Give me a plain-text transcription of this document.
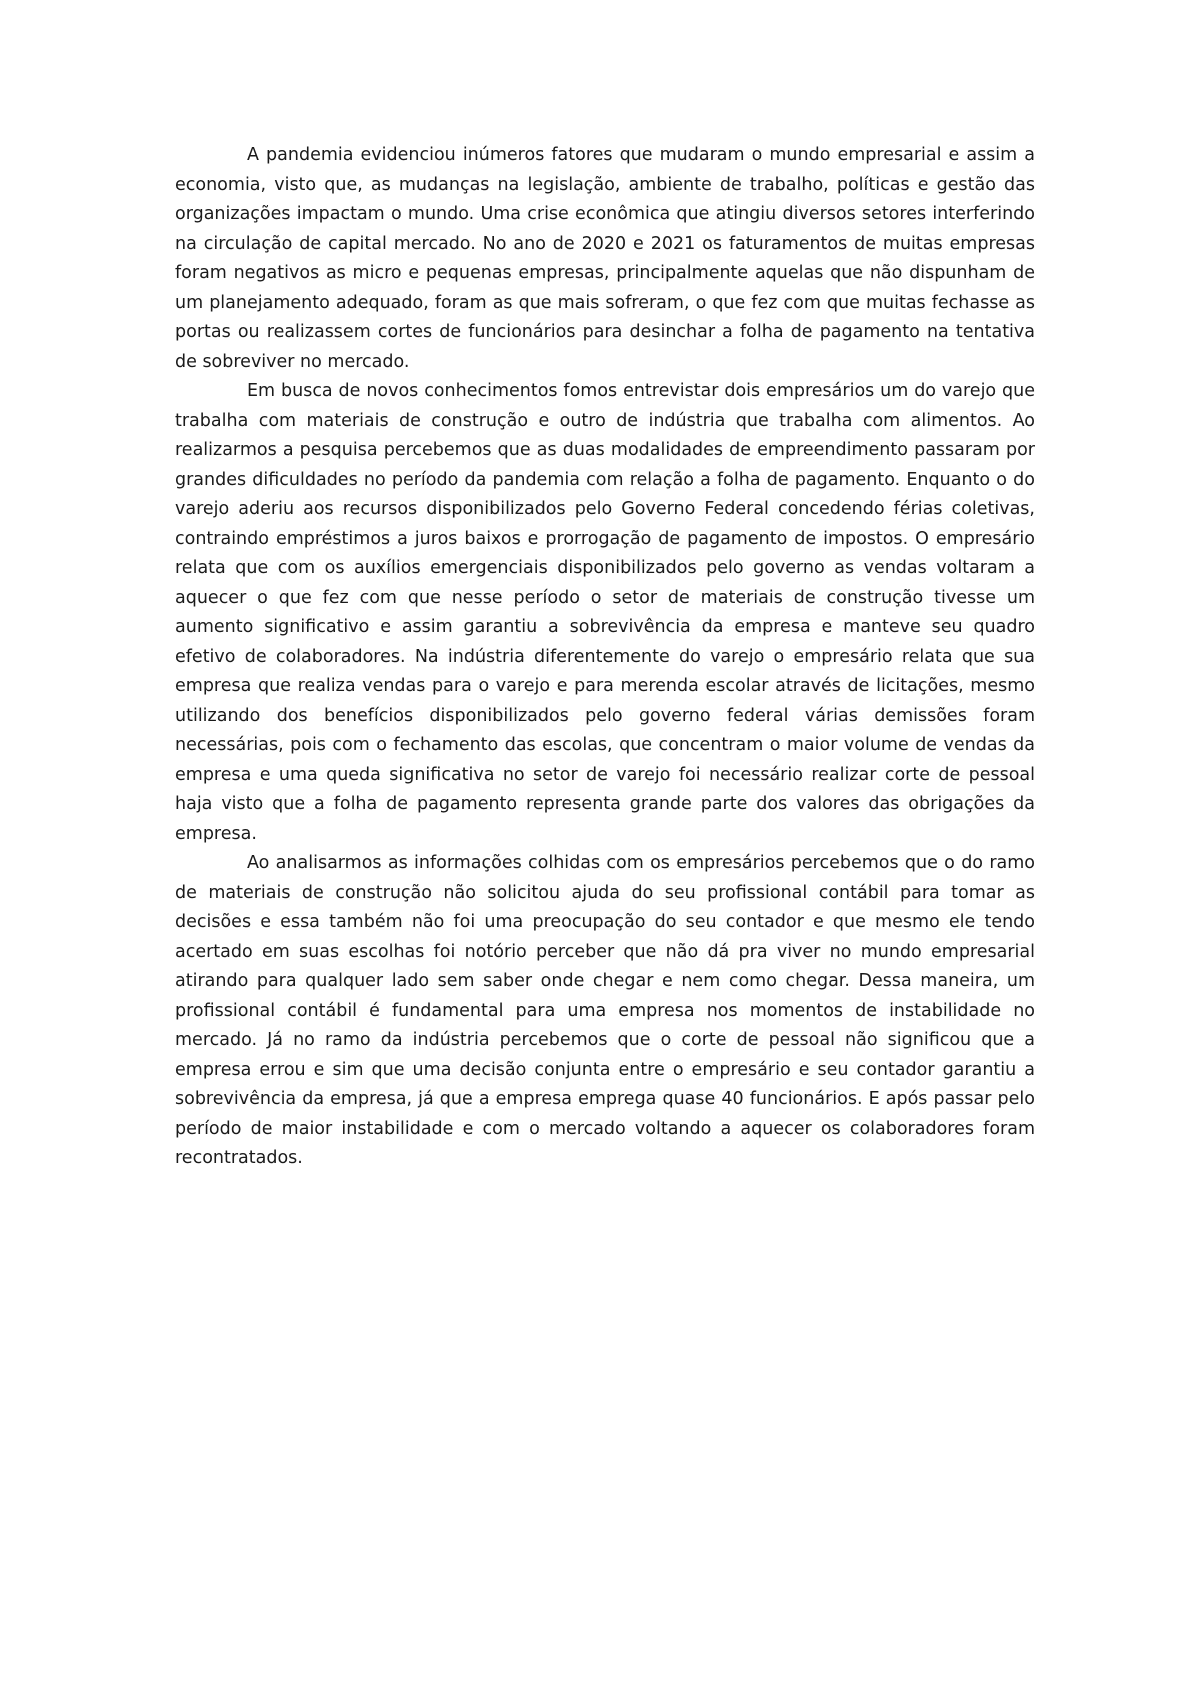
A pandemia evidenciou inúmeros fatores que mudaram o mundo empresarial e assim a economia, visto que, as mudanças na legislação, ambiente de trabalho, políticas e gestão das organizações impactam o mundo. Uma crise econômica que atingiu diversos setores interferindo na circulação de capital mercado. No ano de 2020 e 2021 os faturamentos de muitas empresas foram negativos as micro e pequenas empresas, principalmente aquelas que não dispunham de um planejamento adequado, foram as que mais sofreram, o que fez com que muitas fechasse as portas ou realizassem cortes de funcionários para desinchar a folha de pagamento na tentativa de sobreviver no mercado.

Em busca de novos conhecimentos fomos entrevistar dois empresários um do varejo que trabalha com materiais de construção e outro de indústria que trabalha com alimentos. Ao realizarmos a pesquisa percebemos que as duas modalidades de empreendimento passaram por grandes dificuldades no período da pandemia com relação a folha de pagamento. Enquanto o do varejo aderiu aos recursos disponibilizados pelo Governo Federal concedendo férias coletivas, contraindo empréstimos a juros baixos e prorrogação de pagamento de impostos. O empresário relata que com os auxílios emergenciais disponibilizados pelo governo as vendas voltaram a aquecer o que fez com que nesse período o setor de materiais de construção tivesse um aumento significativo e assim garantiu a sobrevivência da empresa e manteve seu quadro efetivo de colaboradores. Na indústria diferentemente do varejo o empresário relata que sua empresa que realiza vendas para o varejo e para merenda escolar através de licitações, mesmo utilizando dos benefícios disponibilizados pelo governo federal várias demissões foram necessárias, pois com o fechamento das escolas, que concentram o maior volume de vendas da empresa e uma queda significativa no setor de varejo foi necessário realizar corte de pessoal haja visto que a folha de pagamento representa grande parte dos valores das obrigações da empresa.

Ao analisarmos as informações colhidas com os empresários percebemos que o do ramo de materiais de construção não solicitou ajuda do seu profissional contábil para tomar as decisões e essa também não foi uma preocupação do seu contador e que mesmo ele tendo acertado em suas escolhas foi notório perceber que não dá pra viver no mundo empresarial atirando para qualquer lado sem saber onde chegar e nem como chegar. Dessa maneira, um profissional contábil é fundamental para uma empresa nos momentos de instabilidade no mercado. Já no ramo da indústria percebemos que o corte de pessoal não significou que a empresa errou e sim que uma decisão conjunta entre o empresário e seu contador garantiu a sobrevivência da empresa, já que a empresa emprega quase 40 funcionários. E após passar pelo período de maior instabilidade e com o mercado voltando a aquecer os colaboradores foram recontratados.
